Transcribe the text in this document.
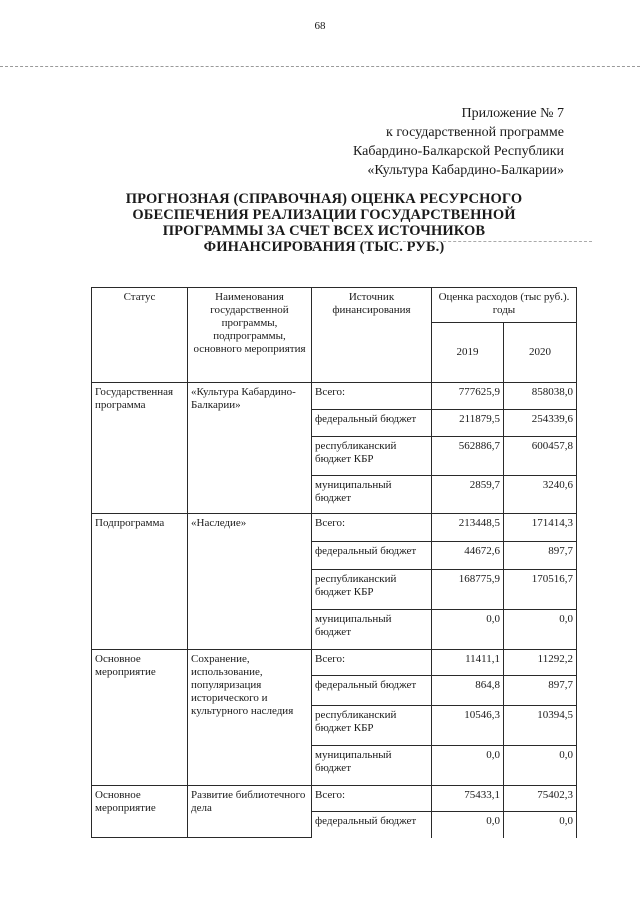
68
Приложение № 7
к государственной программе
Кабардино-Балкарской Республики
«Культура Кабардино-Балкарии»
ПРОГНОЗНАЯ (СПРАВОЧНАЯ) ОЦЕНКА РЕСУРСНОГО
ОБЕСПЕЧЕНИЯ РЕАЛИЗАЦИИ ГОСУДАРСТВЕННОЙ
ПРОГРАММЫ ЗА СЧЕТ ВСЕХ ИСТОЧНИКОВ
ФИНАНСИРОВАНИЯ (ТЫС. РУБ.)
Статус	Наименования государственной программы, подпрограммы, основного мероприятия	Источник финансирования	Оценка расходов (тыс руб.). годы	
			2019	2020
Государственная программа	«Культура Кабардино-Балкарии»	Всего:	777625,9	858038,0
		федеральный бюджет	211879,5	254339,6
		республиканский бюджет КБР	562886,7	600457,8
		муниципальный бюджет	2859,7	3240,6
Подпрограмма	«Наследие»	Всего:	213448,5	171414,3
		федеральный бюджет	44672,6	897,7
		республиканский бюджет КБР	168775,9	170516,7
		муниципальный бюджет	0,0	0,0
Основное мероприятие	Сохранение, использование, популяризация исторического и культурного наследия	Всего:	11411,1	11292,2
		федеральный бюджет	864,8	897,7
		республиканский бюджет КБР	10546,3	10394,5
		муниципальный бюджет	0,0	0,0
Основное мероприятие	Развитие библиотечного дела	Всего:	75433,1	75402,3
		федеральный бюджет	0,0	0,0
